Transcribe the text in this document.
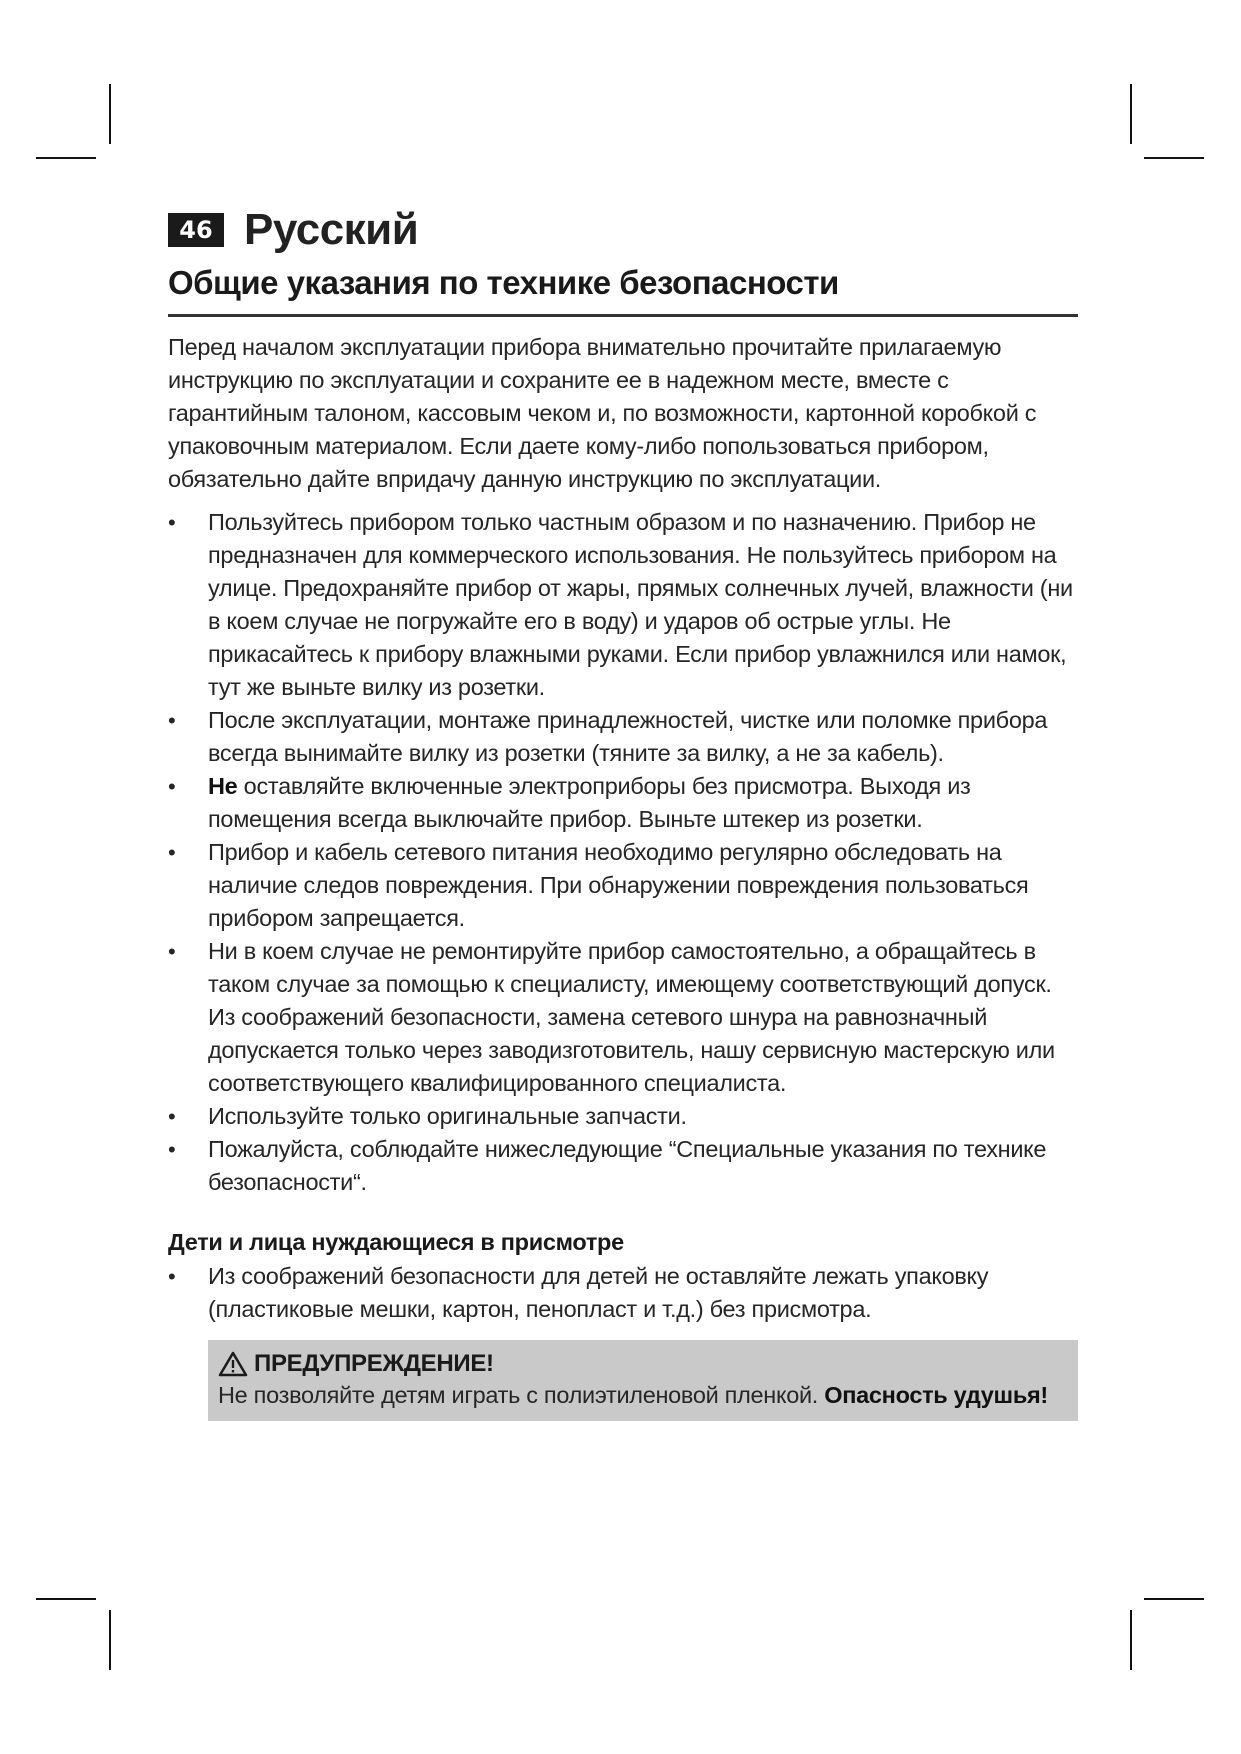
46 Русский
Общие указания по технике безопасности
Перед началом эксплуатации прибора внимательно прочитайте прилагаемую инструкцию по эксплуатации и сохраните ее в надежном месте, вместе с гарантийным талоном, кассовым чеком и, по возможности, картонной коробкой с упаковочным материалом. Если даете кому-либо попользоваться прибором, обязательно дайте впридачу данную инструкцию по эксплуатации.
• Пользуйтесь прибором только частным образом и по назначению. Прибор не предназначен для коммерческого использования. Не пользуйтесь прибором на улице. Предохраняйте прибор от жары, прямых солнечных лучей, влажности (ни в коем случае не погружайте его в воду) и ударов об острые углы. Не прикасайтесь к прибору влажными руками. Если прибор увлажнился или намок, тут же выньте вилку из розетки.
• После эксплуатации, монтаже принадлежностей, чистке или поломке прибора всегда вынимайте вилку из розетки (тяните за вилку, а не за кабель).
• Не оставляйте включенные электроприборы без присмотра. Выходя из помещения всегда выключайте прибор. Выньте штекер из розетки.
• Прибор и кабель сетевого питания необходимо регулярно обследовать на наличие следов повреждения. При обнаружении повреждения пользоваться прибором запрещается.
• Ни в коем случае не ремонтируйте прибор самостоятельно, а обращайтесь в таком случае за помощью к специалисту, имеющему соответствующий допуск. Из соображений безопасности, замена сетевого шнура на равнозначный допускается только через заводизготовитель, нашу сервисную мастерскую или соответствующего квалифицированного специалиста.
• Используйте только оригинальные запчасти.
• Пожалуйста, соблюдайте нижеследующие “Специальные указания по технике безопасности“.
Дети и лица нуждающиеся в присмотре
• Из соображений безопасности для детей не оставляйте лежать упаковку (пластиковые мешки, картон, пенопласт и т.д.) без присмотра.
ПРЕДУПРЕЖДЕНИЕ!
Не позволяйте детям играть с полиэтиленовой пленкой. Опасность удушья!
